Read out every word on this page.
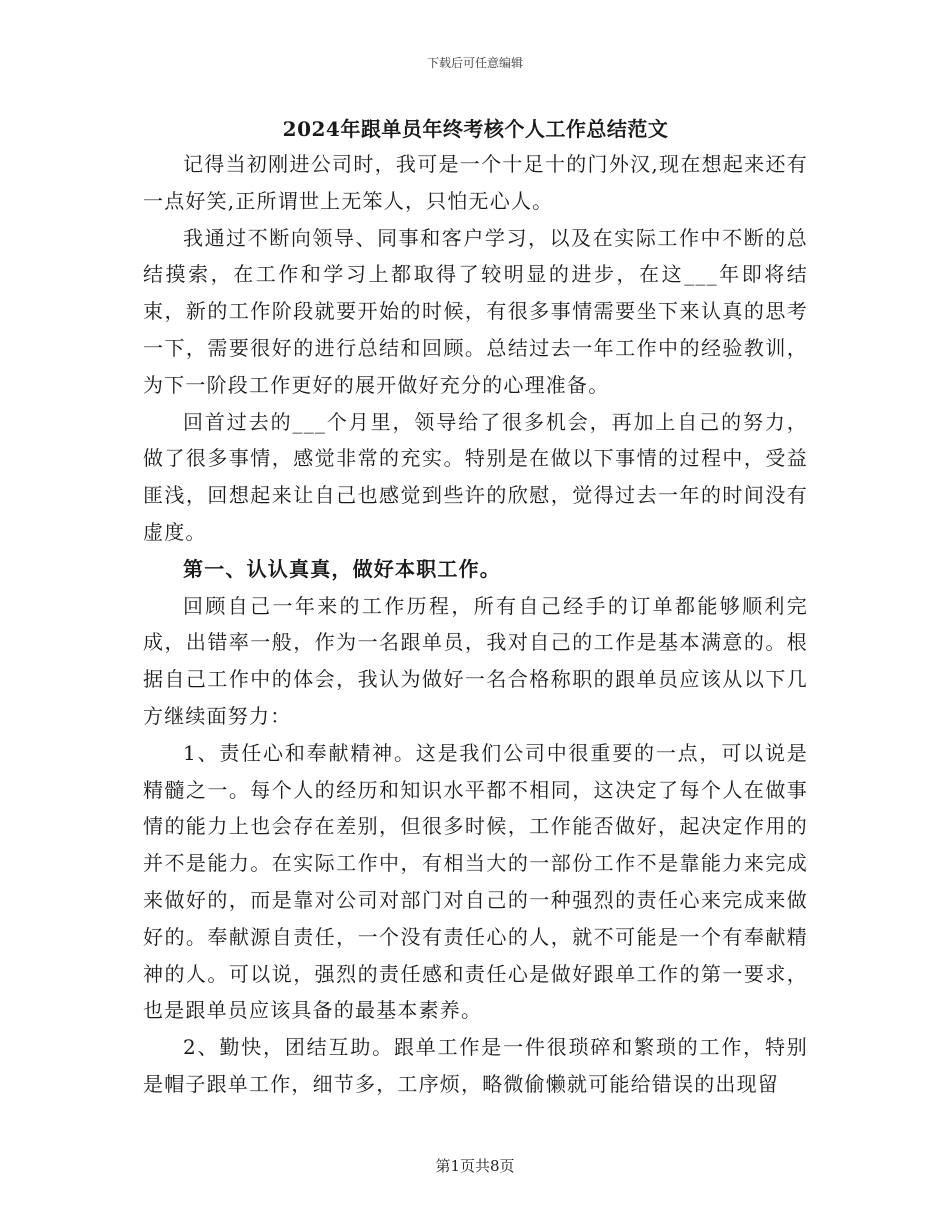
下载后可任意编辑
2024年跟单员年终考核个人工作总结范文

记得当初刚进公司时，我可是一个十足十的门外汉,现在想起来还有一点好笑,正所谓世上无笨人，只怕无心人。

我通过不断向领导、同事和客户学习，以及在实际工作中不断的总结摸索，在工作和学习上都取得了较明显的进步，在这___年即将结束，新的工作阶段就要开始的时候，有很多事情需要坐下来认真的思考一下，需要很好的进行总结和回顾。总结过去一年工作中的经验教训，为下一阶段工作更好的展开做好充分的心理准备。

回首过去的___个月里，领导给了很多机会，再加上自己的努力，做了很多事情，感觉非常的充实。特别是在做以下事情的过程中，受益匪浅，回想起来让自己也感觉到些许的欣慰，觉得过去一年的时间没有虚度。

第一、认认真真，做好本职工作。

回顾自己一年来的工作历程，所有自己经手的订单都能够顺利完成，出错率一般，作为一名跟单员，我对自己的工作是基本满意的。根据自己工作中的体会，我认为做好一名合格称职的跟单员应该从以下几方继续面努力：

1、责任心和奉献精神。这是我们公司中很重要的一点，可以说是精髓之一。每个人的经历和知识水平都不相同，这决定了每个人在做事情的能力上也会存在差别，但很多时候，工作能否做好，起决定作用的并不是能力。在实际工作中，有相当大的一部份工作不是靠能力来完成来做好的，而是靠对公司对部门对自己的一种强烈的责任心来完成来做好的。奉献源自责任，一个没有责任心的人，就不可能是一个有奉献精神的人。可以说，强烈的责任感和责任心是做好跟单工作的第一要求，也是跟单员应该具备的最基本素养。

2、勤快，团结互助。跟单工作是一件很琐碎和繁琐的工作，特别是帽子跟单工作，细节多，工序烦，略微偷懒就可能给错误的出现留

第1页共8页
